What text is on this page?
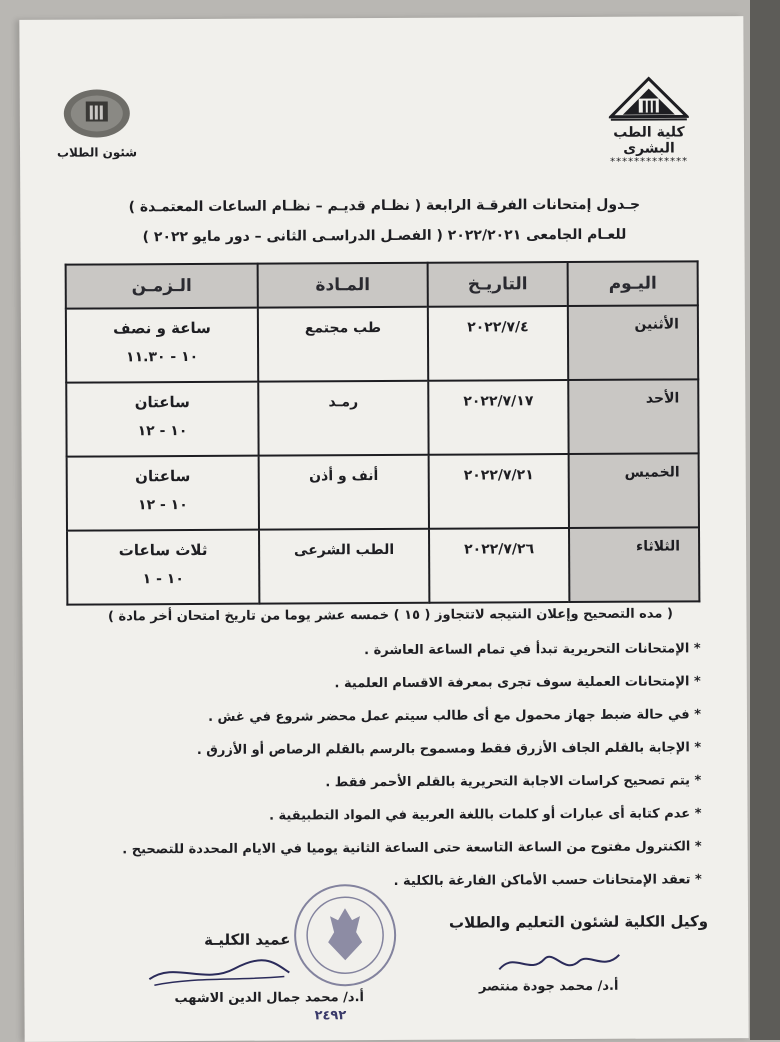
كلية الطب البشرى
*************
شئون الطلاب
جـدول إمتحانات الفرقـة الرابعة ( نظـام قديـم – نظـام الساعات المعتمـدة )
للعـام الجامعى ٢٠٢٢/٢٠٢١ ( الفصـل الدراسـى الثانى – دور مايو ٢٠٢٢ )
اليـوم	التاريـخ	المـادة	الـزمـن
الأثنين	٢٠٢٢/٧/٤	طب مجتمع	ساعة و نصف
١٠ - ١١.٣٠

الأحد	٢٠٢٢/٧/١٧	رمـد	ساعتان
١٠ - ١٢

الخميس	٢٠٢٢/٧/٢١	أنف و أذن	ساعتان
١٠ - ١٢

الثلاثاء	٢٠٢٢/٧/٢٦	الطب الشرعى	ثلاث ساعات
١٠ - ١
( مده التصحيح وإعلان النتيجه لاتتجاوز ( ١٥ ) خمسه عشر يوما من تاريخ امتحان أخر مادة )
* الإمتحانات التحريرية تبدأ في تمام الساعة العاشرة .
* الإمتحانات العملية سوف تجرى بمعرفة الاقسام العلمية .
* في حالة ضبط جهاز محمول مع أى طالب سيتم عمل محضر شروع في غش .
* الإجابة بالقلم الجاف الأزرق فقط ومسموح بالرسم بالقلم الرصاص أو الأزرق .
* يتم تصحيح كراسات الاجابة التحريرية بالقلم الأحمر فقط .
* عدم كتابة أى عبارات أو كلمات باللغة العربية في المواد التطبيقية .
* الكنترول مفتوح من الساعة التاسعة حتى الساعة الثانية يوميا في الايام المحددة للتصحيح .
* تعقد الإمتحانات حسب الأماكن الفارغة بالكلية .
وكيل الكلية لشئون التعليم والطلاب
عميد الكليـة
أ.د/ محمد جودة منتصر
أ.د/ محمد جمال الدين الاشهب
٢٤٩٢
